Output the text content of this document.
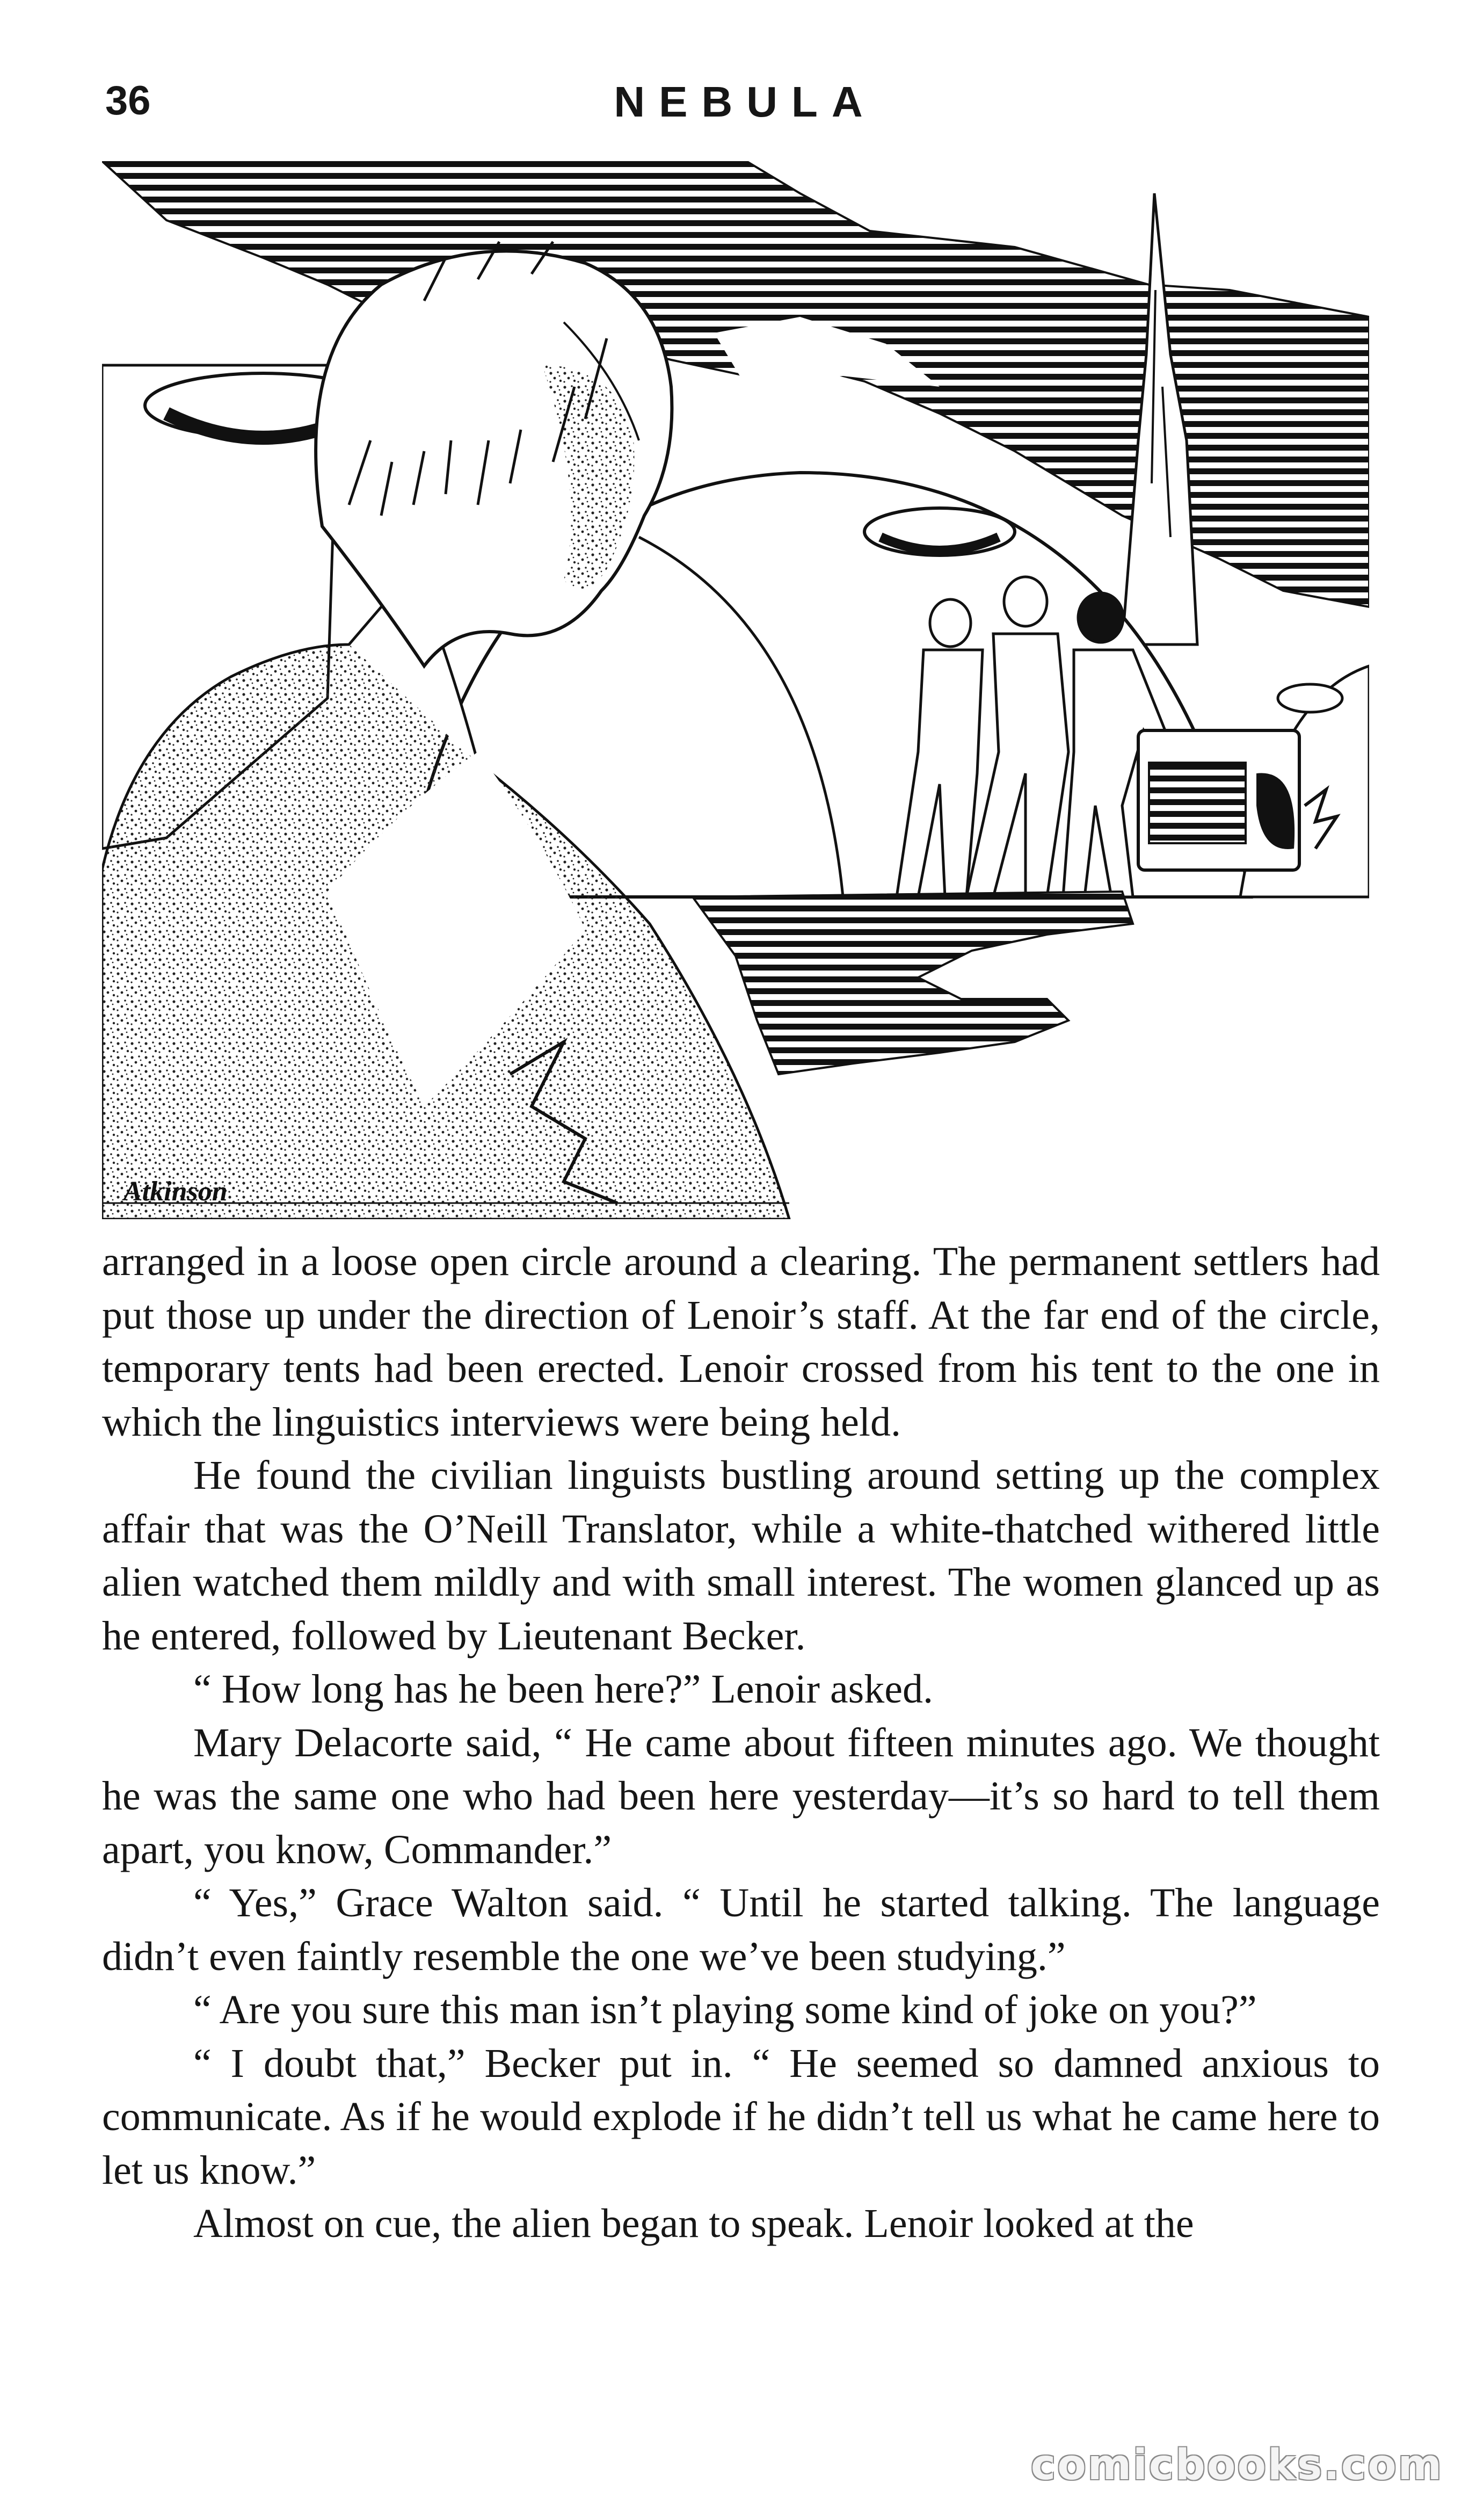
36	NEBULA
Atkinson

arranged in a loose open circle around a clearing. The permanent settlers had put those up under the direction of Lenoir’s staff. At the far end of the circle, temporary tents had been erected. Lenoir crossed from his tent to the one in which the linguistics interviews were being held.

He found the civilian linguists bustling around setting up the complex affair that was the O’Neill Translator, while a white-thatched withered little alien watched them mildly and with small interest. The women glanced up as he entered, followed by Lieutenant Becker.

“ How long has he been here?” Lenoir asked.

Mary Delacorte said, “ He came about fifteen minutes ago. We thought he was the same one who had been here yesterday—it’s so hard to tell them apart, you know, Commander.”

“ Yes,” Grace Walton said. “ Until he started talking. The language didn’t even faintly resemble the one we’ve been studying.”

“ Are you sure this man isn’t playing some kind of joke on you?”

“ I doubt that,” Becker put in. “ He seemed so damned anxious to communicate. As if he would explode if he didn’t tell us what he came here to let us know.”

Almost on cue, the alien began to speak. Lenoir looked at the

comicbooks.com
